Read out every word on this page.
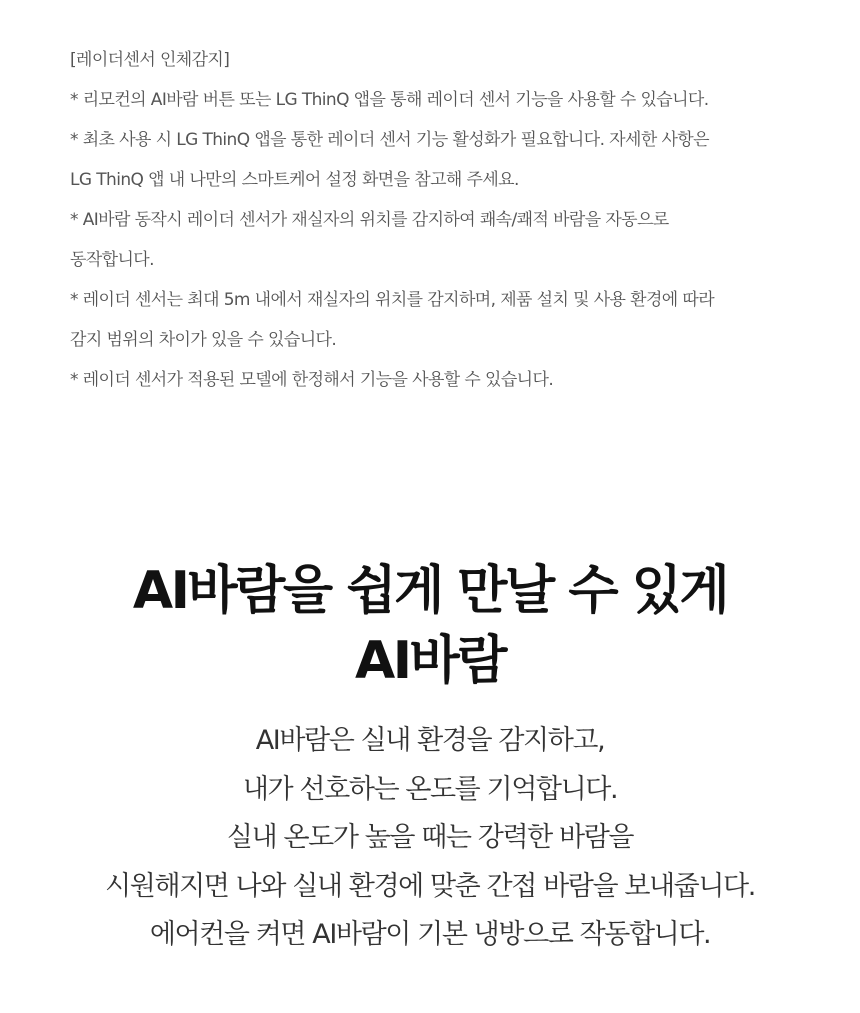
[레이더센서 인체감지]
* 리모컨의 AI바람 버튼 또는 LG ThinQ 앱을 통해 레이더 센서 기능을 사용할 수 있습니다.
* 최초 사용 시 LG ThinQ 앱을 통한 레이더 센서 기능 활성화가 필요합니다. 자세한 사항은
LG ThinQ 앱 내 나만의 스마트케어 설정 화면을 참고해 주세요.
* AI바람 동작시 레이더 센서가 재실자의 위치를 감지하여 쾌속/쾌적 바람을 자동으로
동작합니다.
* 레이더 센서는 최대 5m 내에서 재실자의 위치를 감지하며, 제품 설치 및 사용 환경에 따라
감지 범위의 차이가 있을 수 있습니다.
* 레이더 센서가 적용된 모델에 한정해서 기능을 사용할 수 있습니다.
AI바람을 쉽게 만날 수 있게
AI바람
AI바람은 실내 환경을 감지하고,
내가 선호하는 온도를 기억합니다.
실내 온도가 높을 때는 강력한 바람을
시원해지면 나와 실내 환경에 맞춘 간접 바람을 보내줍니다.
에어컨을 켜면 AI바람이 기본 냉방으로 작동합니다.
